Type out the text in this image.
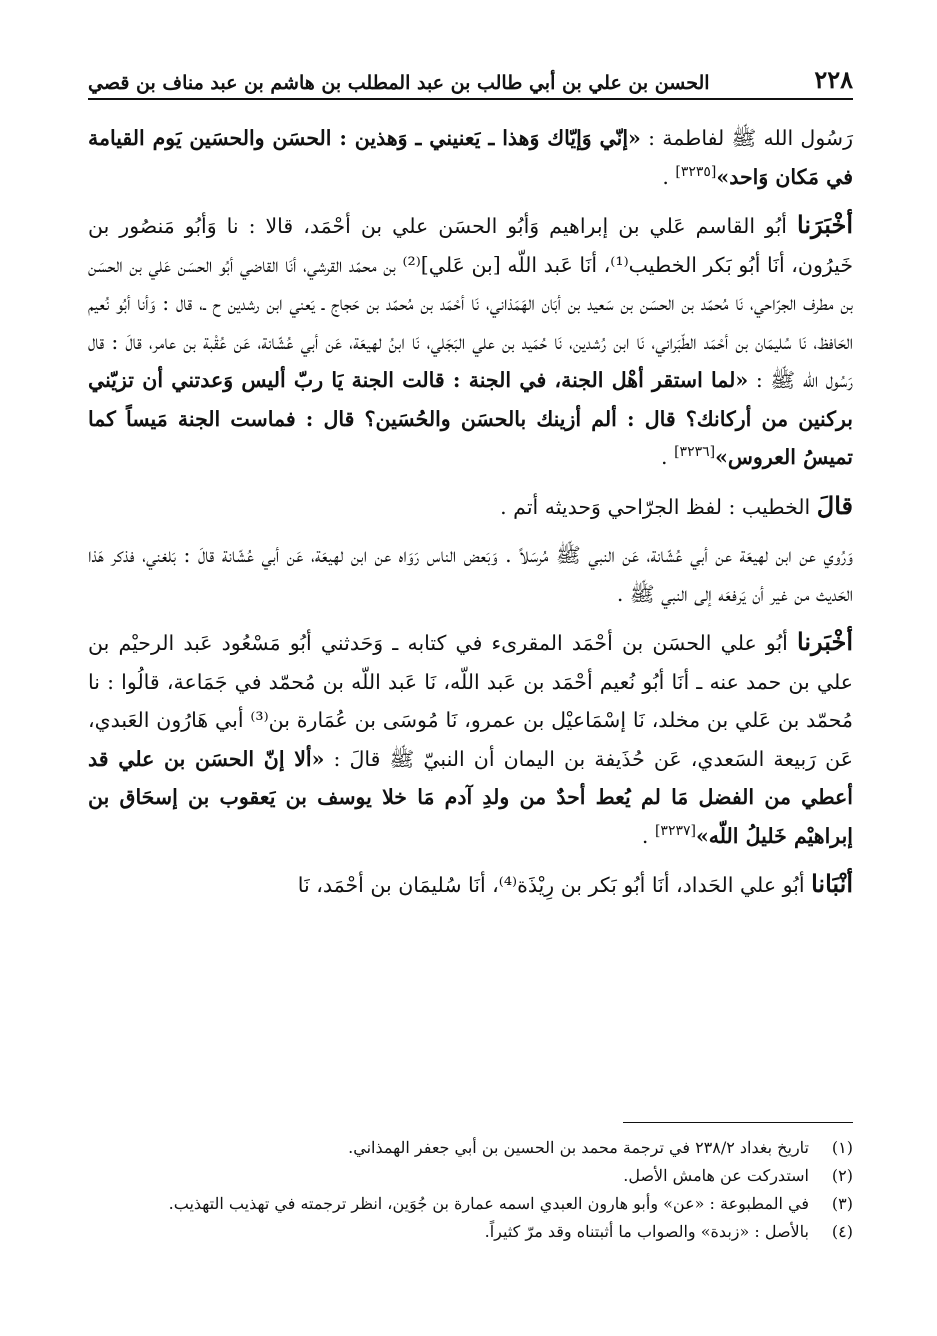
٢٢٨
الحسن بن علي بن أبي طالب بن عبد المطلب بن هاشم بن عبد مناف بن قصي

رَسُول الله ﷺ لفاطمة : «إنّي وَإيّاك وَهذا ـ يَعنيني ـ وَهذين : الحسَن والحسَين يَوم القيامة في مَكان وَاحد»[٣٢٣٥] .

أخْبَرَنا أبُو القاسم عَلي بن إبراهيم وَأبُو الحسَن علي بن أحْمَد، قالا : نا وَأبُو مَنصُور بن خَيرُون، أنَا أبُو بَكر الخطيب⁽¹⁾، أنَا عَبد اللّه [بن عَلي]⁽²⁾ بن محمّد القرشي، أنَا القاضي أبُو الحسَن عَلي بن الحسَن بن مطرف الجرّاحي، نَا مُحمّد بن الحسَن بن سَعيد بن أبَان الهَمَذاني، نَا أحْمَد بن مُحمّد بن حَجاج ـ يَعني ابن رشدين ح ـ، قال : وَأنا أبُو نُعيم الحَافظ، نَا سُليمَان بن أحْمَد الطّبَراني، نَا ابن رُشدين، نَا حُمَيد بن علي البَجَلي، نَا ابنُ لهيعَة، عَن أبي عُشّانة، عَن عُقْبة بن عامر، قالَ : قال رَسُول الله ﷺ : «لما استقر أهْل الجنة، في الجنة : قالت الجنة يَا ربّ أليس وَعدتني أن تزيّني بركنين من أركانك؟ قال : ألم أزينك بالحسَن والحُسَين؟ قال : فماست الجنة مَيساً كما تميسُ العروس»[٣٢٣٦] .

قالَ الخطيب : لفظ الجرّاحي وَحديثه أتم .

وَرُوي عن ابن لهيعَة عن أبي عُشّانة، عَن النبي ﷺ مُرسَلاً . وَبَعض الناس رَوَاه عن ابن لهيعَة، عَن أبي عُشّانة قالَ : بَلغني، فذكر هَذا الحَديث من غير أن يَرفعَه إلى النبي ﷺ .

أخْبَرنا أبُو علي الحسَن بن أحْمَد المقرىء في كتابه ـ وَحَدثني أبُو مَسْعُود عَبد الرحيْم بن علي بن حمد عنه ـ أنَا أبُو نُعيم أحْمَد بن عَبد اللّه، نَا عَبد اللّه بن مُحمّد في جَمَاعة، قالُوا : نا مُحمّد بن عَلي بن مخلد، نَا إسْمَاعيْل بن عمرو، نَا مُوسَى بن عُمَارة بن⁽³⁾ أبي هَارُون العَبدي، عَن رَبيعة السَعدي، عَن حُذَيفة بن اليمان أن النبيّ ﷺ قالَ : «ألا إنّ الحسَن بن علي قد أعطي من الفضل مَا لم يُعط أحدٌ من ولدِ آدم مَا خلا يوسف بن يَعقوب بن إسحَاق بن إبراهيْم خَليلُ اللّه»[٣٢٣٧] .

أنْبَانا أبُو علي الحَداد، أنَا أبُو بَكر بن رِيْذَة⁽⁴⁾، أنَا سُليمَان بن أحْمَد، نَا

(١)
تاريخ بغداد ٢٣٨/٢ في ترجمة محمد بن الحسين بن أبي جعفر الهمذاني.
(٢)
استدركت عن هامش الأصل.
(٣)
في المطبوعة : «عن» وأبو هارون العبدي اسمه عمارة بن جُوَين، انظر ترجمته في تهذيب التهذيب.
(٤)
بالأصل : «زبدة» والصواب ما أثبتناه وقد مرّ كثيراً.
